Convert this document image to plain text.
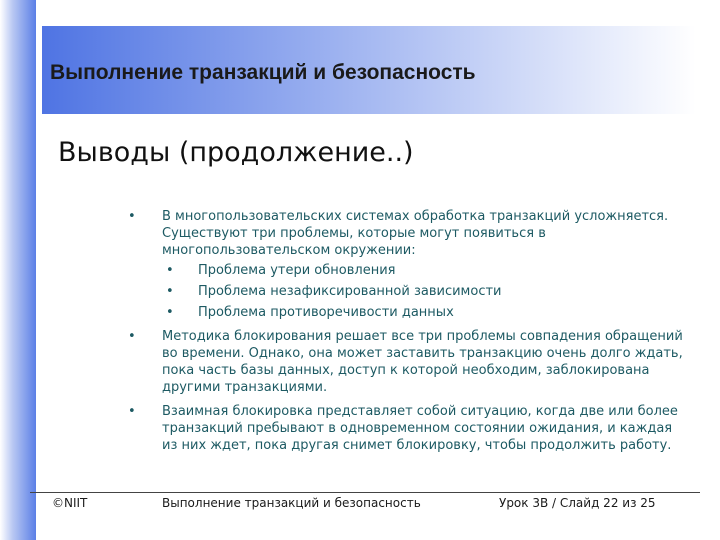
Выполнение транзакций и безопасность
Выводы (продолжение..)
• В многопользовательских системах обработка транзакций усложняется. Существуют три проблемы, которые могут появиться в многопользовательском окружении:
• Проблема утери обновления
• Проблема незафиксированной зависимости
• Проблема противоречивости данных
• Методика блокирования решает все три проблемы совпадения обращений во времени. Однако, она может заставить транзакцию очень долго ждать, пока часть базы данных, доступ к которой необходим, заблокирована другими транзакциями.
• Взаимная блокировка представляет собой ситуацию, когда две или более транзакций пребывают в одновременном состоянии ожидания, и каждая из них ждет, пока другая снимет блокировку, чтобы продолжить работу.
©NIIT	Выполнение транзакций и безопасность	Урок 3В / Слайд 22 из 25
